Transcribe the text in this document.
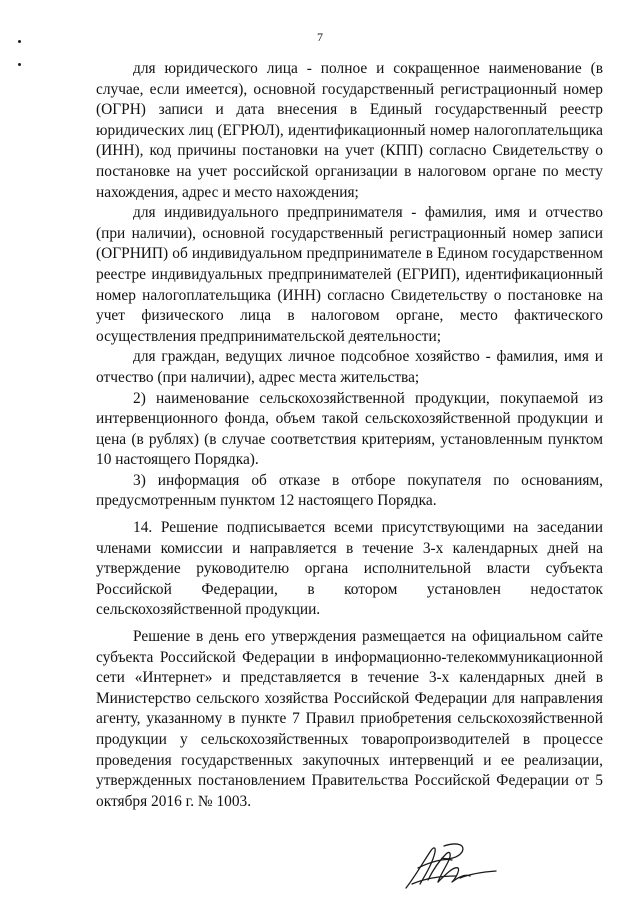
7

для юридического лица - полное и сокращенное наименование (в случае, если имеется), основной государственный регистрационный номер (ОГРН) записи и дата внесения в Единый государственный реестр юридических лиц (ЕГРЮЛ), идентификационный номер налогоплательщика (ИНН), код причины постановки на учет (КПП) согласно Свидетельству о постановке на учет российской организации в налоговом органе по месту нахождения, адрес и место нахождения;

для индивидуального предпринимателя - фамилия, имя и отчество (при наличии), основной государственный регистрационный номер записи (ОГРНИП) об индивидуальном предпринимателе в Едином государственном реестре индивидуальных предпринимателей (ЕГРИП), идентификационный номер налогоплательщика (ИНН) согласно Свидетельству о постановке на учет физического лица в налоговом органе, место фактического осуществления предпринимательской деятельности;

для граждан, ведущих личное подсобное хозяйство - фамилия, имя и отчество (при наличии), адрес места жительства;

2) наименование сельскохозяйственной продукции, покупаемой из интервенционного фонда, объем такой сельскохозяйственной продукции и цена (в рублях) (в случае соответствия критериям, установленным пунктом 10 настоящего Порядка).

3) информация об отказе в отборе покупателя по основаниям, предусмотренным пунктом 12 настоящего Порядка.

14. Решение подписывается всеми присутствующими на заседании членами комиссии и направляется в течение 3-х календарных дней на утверждение руководителю органа исполнительной власти субъекта Российской Федерации, в котором установлен недостаток сельскохозяйственной продукции.

Решение в день его утверждения размещается на официальном сайте субъекта Российской Федерации в информационно-телекоммуникационной сети «Интернет» и представляется в течение 3-х календарных дней в Министерство сельского хозяйства Российской Федерации для направления агенту, указанному в пункте 7 Правил приобретения сельскохозяйственной продукции у сельскохозяйственных товаропроизводителей в процессе проведения государственных закупочных интервенций и ее реализации, утвержденных постановлением Правительства Российской Федерации от 5 октября 2016 г. № 1003.
